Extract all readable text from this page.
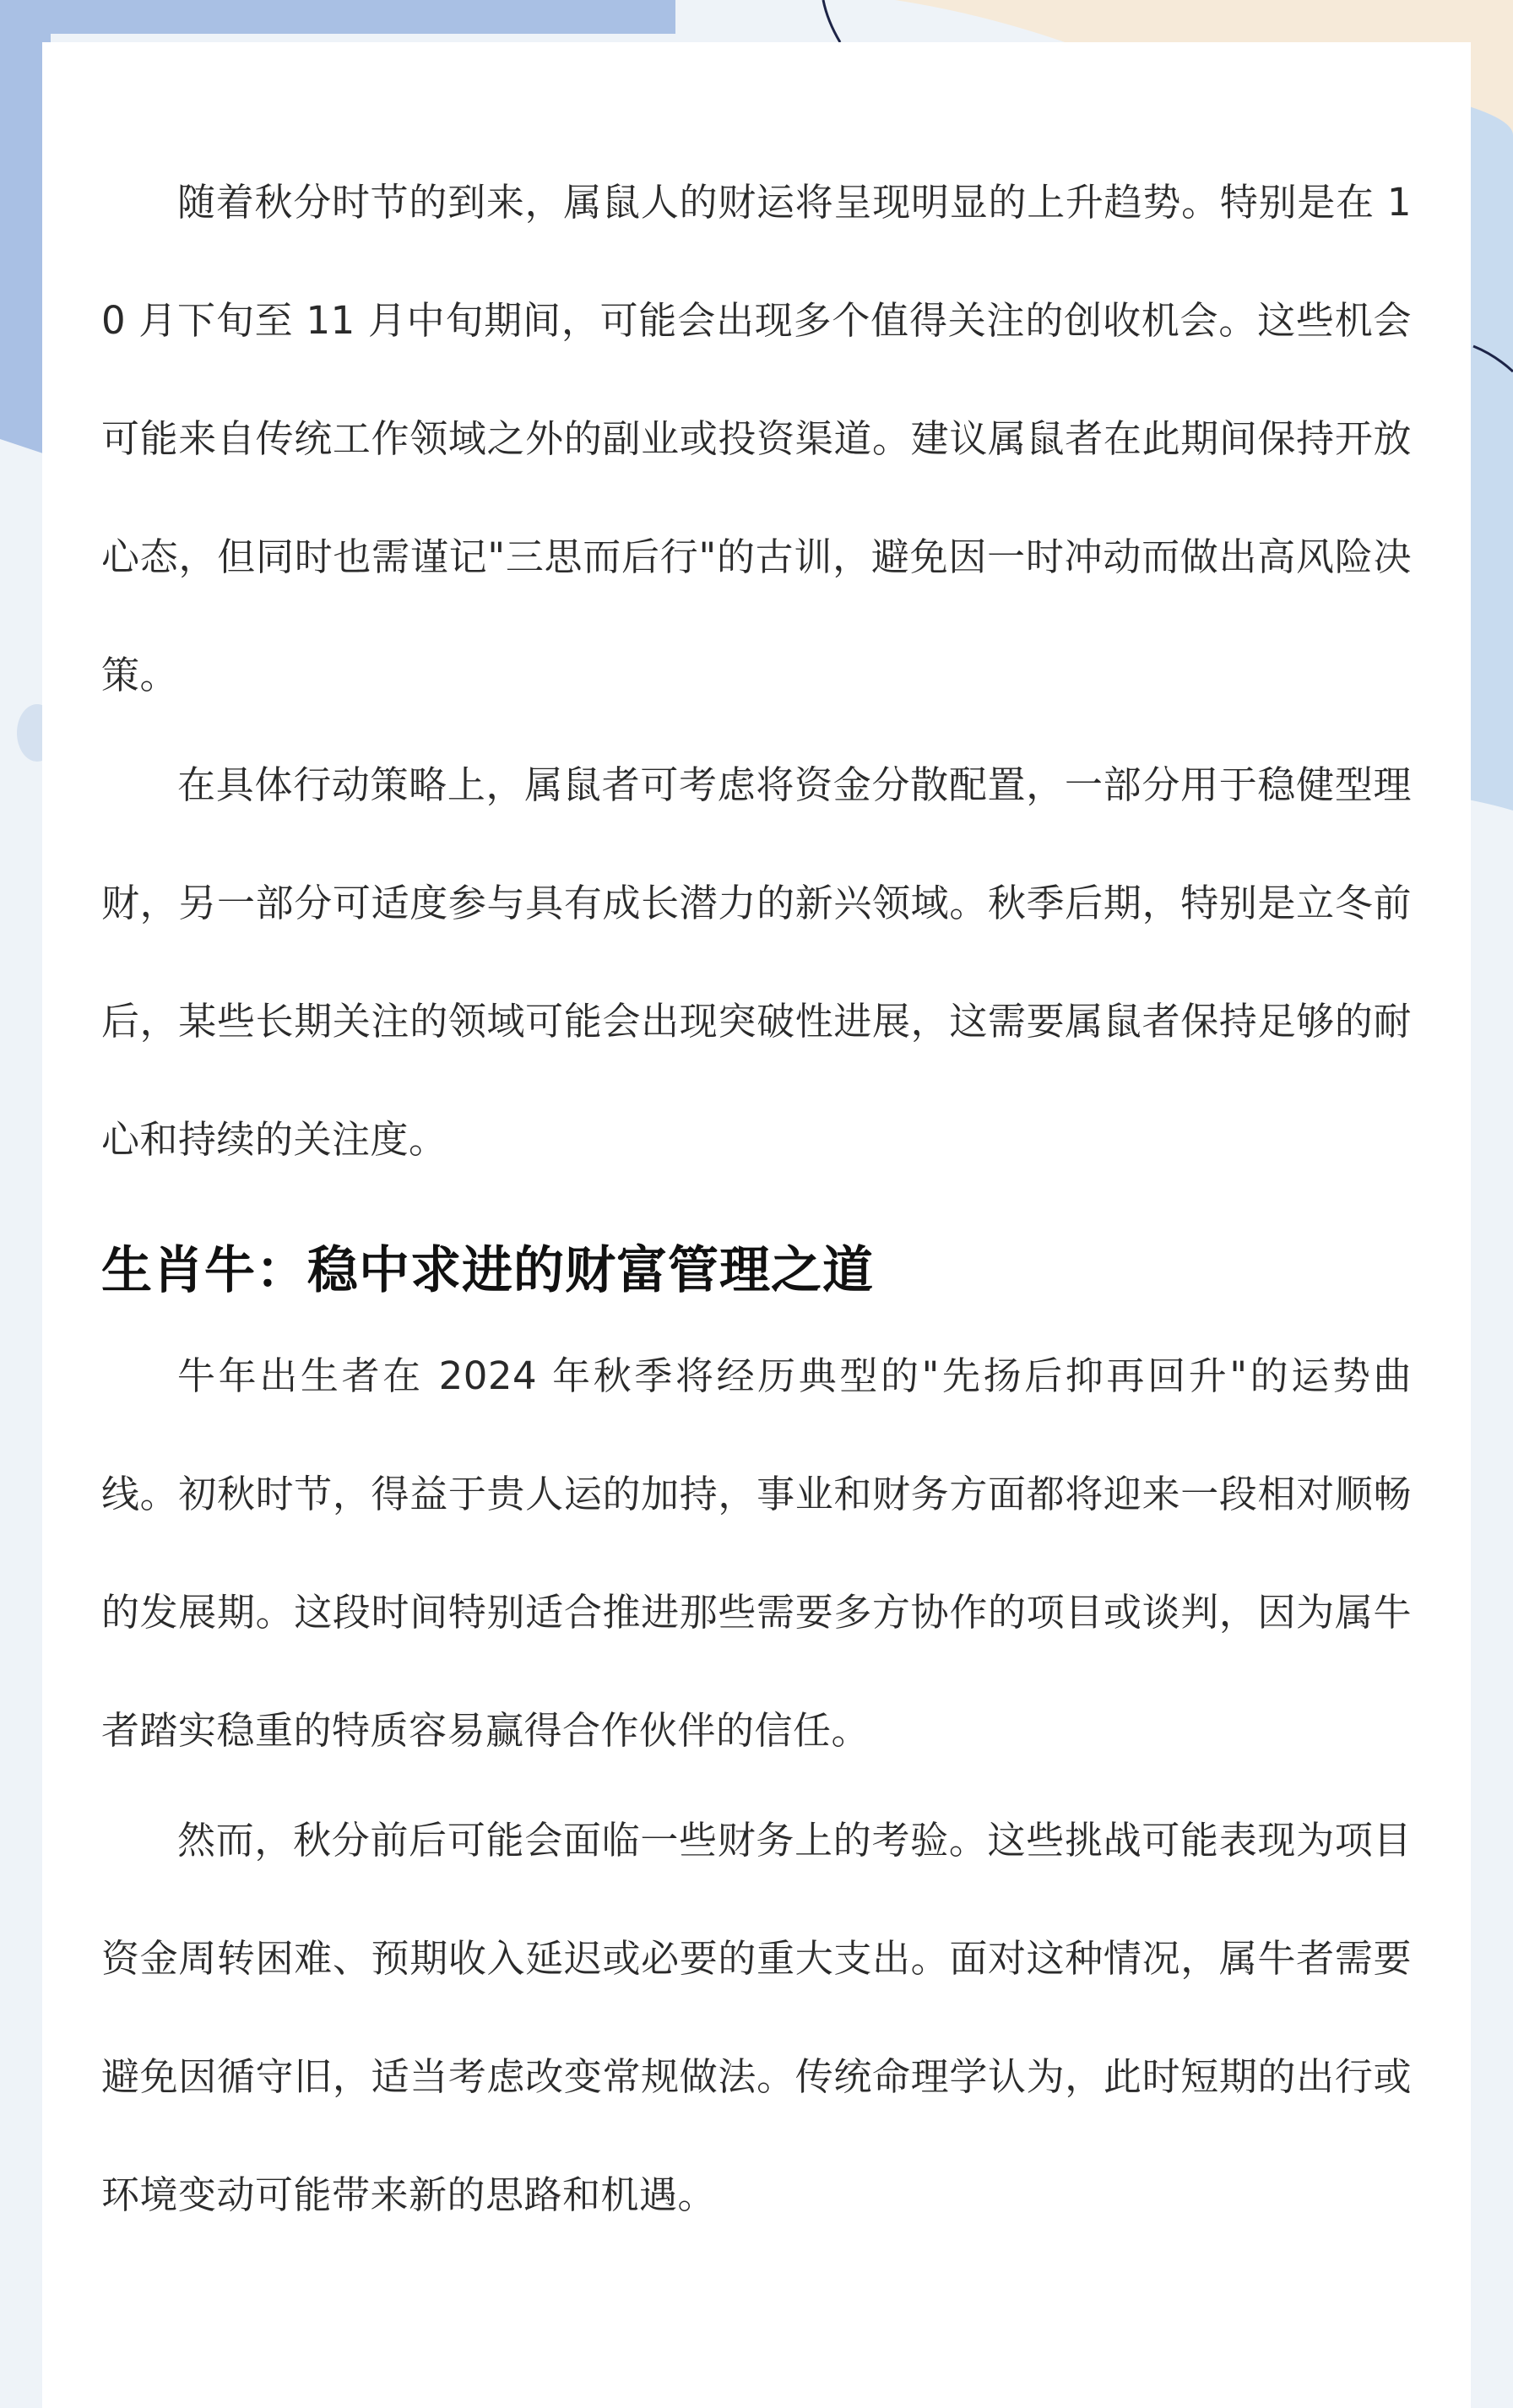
随着秋分时节的到来，属鼠人的财运将呈现明显的上升趋势。特别是在 10 月下旬至 11 月中旬期间，可能会出现多个值得关注的创收机会。这些机会可能来自传统工作领域之外的副业或投资渠道。建议属鼠者在此期间保持开放心态，但同时也需谨记"三思而后行"的古训，避免因一时冲动而做出高风险决策。

在具体行动策略上，属鼠者可考虑将资金分散配置，一部分用于稳健型理财，另一部分可适度参与具有成长潜力的新兴领域。秋季后期，特别是立冬前后，某些长期关注的领域可能会出现突破性进展，这需要属鼠者保持足够的耐心和持续的关注度。

生肖牛：稳中求进的财富管理之道

牛年出生者在 2024 年秋季将经历典型的"先扬后抑再回升"的运势曲线。初秋时节，得益于贵人运的加持，事业和财务方面都将迎来一段相对顺畅的发展期。这段时间特别适合推进那些需要多方协作的项目或谈判，因为属牛者踏实稳重的特质容易赢得合作伙伴的信任。

然而，秋分前后可能会面临一些财务上的考验。这些挑战可能表现为项目资金周转困难、预期收入延迟或必要的重大支出。面对这种情况，属牛者需要避免因循守旧，适当考虑改变常规做法。传统命理学认为，此时短期的出行或环境变动可能带来新的思路和机遇。
